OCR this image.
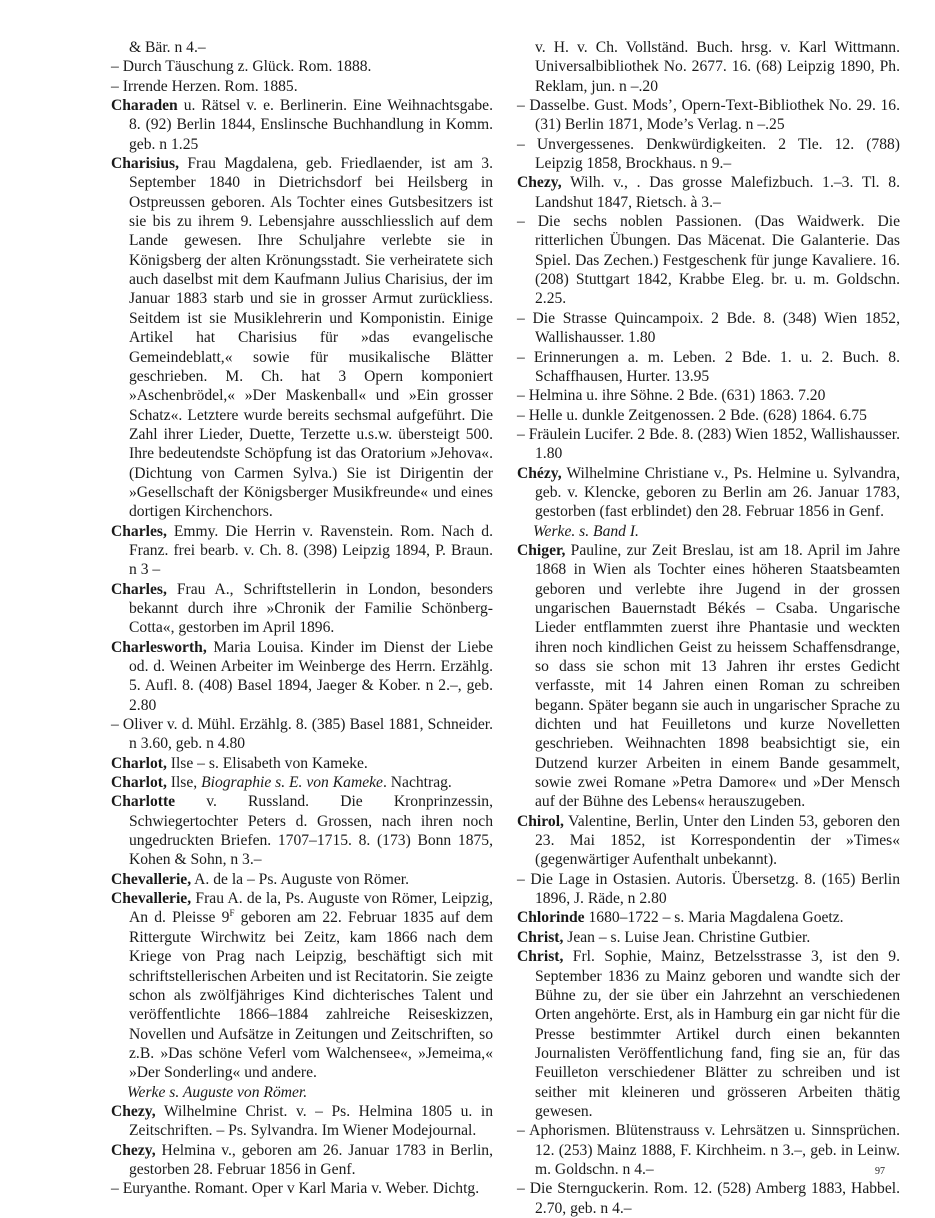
& Bär. n 4.–

– Durch Täuschung z. Glück. Rom. 1888.

– Irrende Herzen. Rom. 1885.

Charaden u. Rätsel v. e. Berlinerin. Eine Weihnachtsgabe. 8. (92) Berlin 1844, Enslinsche Buchhandlung in Komm. geb. n 1.25

Charisius, Frau Magdalena, geb. Friedlaender, ist am 3. September 1840 in Dietrichsdorf bei Heilsberg in Ostpreussen geboren. Als Tochter eines Gutsbesitzers ist sie bis zu ihrem 9. Lebensjahre ausschliesslich auf dem Lande gewesen. Ihre Schuljahre verlebte sie in Königsberg der alten Krönungsstadt. Sie verheiratete sich auch daselbst mit dem Kaufmann Julius Charisius, der im Januar 1883 starb und sie in grosser Armut zurückliess. Seitdem ist sie Musiklehrerin und Komponistin. Einige Artikel hat Charisius für »das evangelische Gemeindeblatt,« sowie für musikalische Blätter geschrieben. M. Ch. hat 3 Opern komponiert »Aschenbrödel,« »Der Maskenball« und »Ein grosser Schatz«. Letztere wurde bereits sechsmal aufgeführt. Die Zahl ihrer Lieder, Duette, Terzette u.s.w. übersteigt 500. Ihre bedeutendste Schöpfung ist das Oratorium »Jehova«. (Dichtung von Carmen Sylva.) Sie ist Dirigentin der »Gesellschaft der Königsberger Musikfreunde« und eines dortigen Kirchenchors.

Charles, Emmy. Die Herrin v. Ravenstein. Rom. Nach d. Franz. frei bearb. v. Ch. 8. (398) Leipzig 1894, P. Braun. n 3 –

Charles, Frau A., Schriftstellerin in London, besonders bekannt durch ihre »Chronik der Familie Schönberg-Cotta«, gestorben im April 1896.

Charlesworth, Maria Louisa. Kinder im Dienst der Liebe od. d. Weinen Arbeiter im Weinberge des Herrn. Erzählg. 5. Aufl. 8. (408) Basel 1894, Jaeger & Kober. n 2.–, geb. 2.80

– Oliver v. d. Mühl. Erzählg. 8. (385) Basel 1881, Schneider. n 3.60, geb. n 4.80

Charlot, Ilse – s. Elisabeth von Kameke.

Charlot, Ilse, Biographie s. E. von Kameke. Nachtrag.

Charlotte v. Russland. Die Kronprinzessin, Schwiegertochter Peters d. Grossen, nach ihren noch ungedruckten Briefen. 1707–1715. 8. (173) Bonn 1875, Kohen & Sohn, n 3.–

Chevallerie, A. de la – Ps. Auguste von Römer.

Chevallerie, Frau A. de la, Ps. Auguste von Römer, Leipzig, An d. Pleisse $9^F$ geboren am 22. Februar 1835 auf dem Rittergute Wirchwitz bei Zeitz, kam 1866 nach dem Kriege von Prag nach Leipzig, beschäftigt sich mit schriftstellerischen Arbeiten und ist Recitatorin. Sie zeigte schon als zwölfjähriges Kind dichterisches Talent und veröffentlichte 1866–1884 zahlreiche Reiseskizzen, Novellen und Aufsätze in Zeitungen und Zeitschriften, so z.B. »Das schöne Veferl vom Walchensee«, »Jemeima,« »Der Sonderling« und andere.

Werke s. Auguste von Römer.

Chezy, Wilhelmine Christ. v. – Ps. Helmina 1805 u. in Zeitschriften. – Ps. Sylvandra. Im Wiener Modejournal.

Chezy, Helmina v., geboren am 26. Januar 1783 in Berlin, gestorben 28. Februar 1856 in Genf.

– Euryanthe. Romant. Oper v Karl Maria v. Weber. Dichtg.

v. H. v. Ch. Vollständ. Buch. hrsg. v. Karl Wittmann. Universalbibliothek No. 2677. 16. (68) Leipzig 1890, Ph. Reklam, jun. n –.20

– Dasselbe. Gust. Mods’, Opern-Text-Bibliothek No. 29. 16. (31) Berlin 1871, Mode’s Verlag. n –.25

– Unvergessenes. Denkwürdigkeiten. 2 Tle. 12. (788) Leipzig 1858, Brockhaus. n 9.–

Chezy, Wilh. v., . Das grosse Malefizbuch. 1.–3. Tl. 8. Landshut 1847, Rietsch. à 3.–

– Die sechs noblen Passionen. (Das Waidwerk. Die ritterlichen Übungen. Das Mäcenat. Die Galanterie. Das Spiel. Das Zechen.) Festgeschenk für junge Kavaliere. 16. (208) Stuttgart 1842, Krabbe Eleg. br. u. m. Goldschn. 2.25.

– Die Strasse Quincampoix. 2 Bde. 8. (348) Wien 1852, Wallishausser. 1.80

– Erinnerungen a. m. Leben. 2 Bde. 1. u. 2. Buch. 8. Schaffhausen, Hurter. 13.95

– Helmina u. ihre Söhne. 2 Bde. (631) 1863. 7.20

– Helle u. dunkle Zeitgenossen. 2 Bde. (628) 1864. 6.75

– Fräulein Lucifer. 2 Bde. 8. (283) Wien 1852, Wallishausser. 1.80

Chézy, Wilhelmine Christiane v., Ps. Helmine u. Sylvandra, geb. v. Klencke, geboren zu Berlin am 26. Januar 1783, gestorben (fast erblindet) den 28. Februar 1856 in Genf.

Werke. s. Band I.

Chiger, Pauline, zur Zeit Breslau, ist am 18. April im Jahre 1868 in Wien als Tochter eines höheren Staatsbeamten geboren und verlebte ihre Jugend in der grossen ungarischen Bauernstadt Békés – Csaba. Ungarische Lieder entflammten zuerst ihre Phantasie und weckten ihren noch kindlichen Geist zu heissem Schaffensdrange, so dass sie schon mit 13 Jahren ihr erstes Gedicht verfasste, mit 14 Jahren einen Roman zu schreiben begann. Später begann sie auch in ungarischer Sprache zu dichten und hat Feuilletons und kurze Novelletten geschrieben. Weihnachten 1898 beabsichtigt sie, ein Dutzend kurzer Arbeiten in einem Bande gesammelt, sowie zwei Romane »Petra Damore« und »Der Mensch auf der Bühne des Lebens« herauszugeben.

Chirol, Valentine, Berlin, Unter den Linden 53, geboren den 23. Mai 1852, ist Korrespondentin der »Times« (gegenwärtiger Aufenthalt unbekannt).

– Die Lage in Ostasien. Autoris. Übersetzg. 8. (165) Berlin 1896, J. Räde, n 2.80

Chlorinde 1680–1722 – s. Maria Magdalena Goetz.

Christ, Jean – s. Luise Jean. Christine Gutbier.

Christ, Frl. Sophie, Mainz, Betzelsstrasse 3, ist den 9. September 1836 zu Mainz geboren und wandte sich der Bühne zu, der sie über ein Jahrzehnt an verschiedenen Orten angehörte. Erst, als in Hamburg ein gar nicht für die Presse bestimmter Artikel durch einen bekannten Journalisten Veröffentlichung fand, fing sie an, für das Feuilleton verschiedener Blätter zu schreiben und ist seither mit kleineren und grösseren Arbeiten thätig gewesen.

– Aphorismen. Blütenstrauss v. Lehrsätzen u. Sinnsprüchen. 12. (253) Mainz 1888, F. Kirchheim. n 3.–, geb. in Leinw. m. Goldschn. n 4.–

– Die Sternguckerin. Rom. 12. (528) Amberg 1883, Habbel. 2.70, geb. n 4.–

97
